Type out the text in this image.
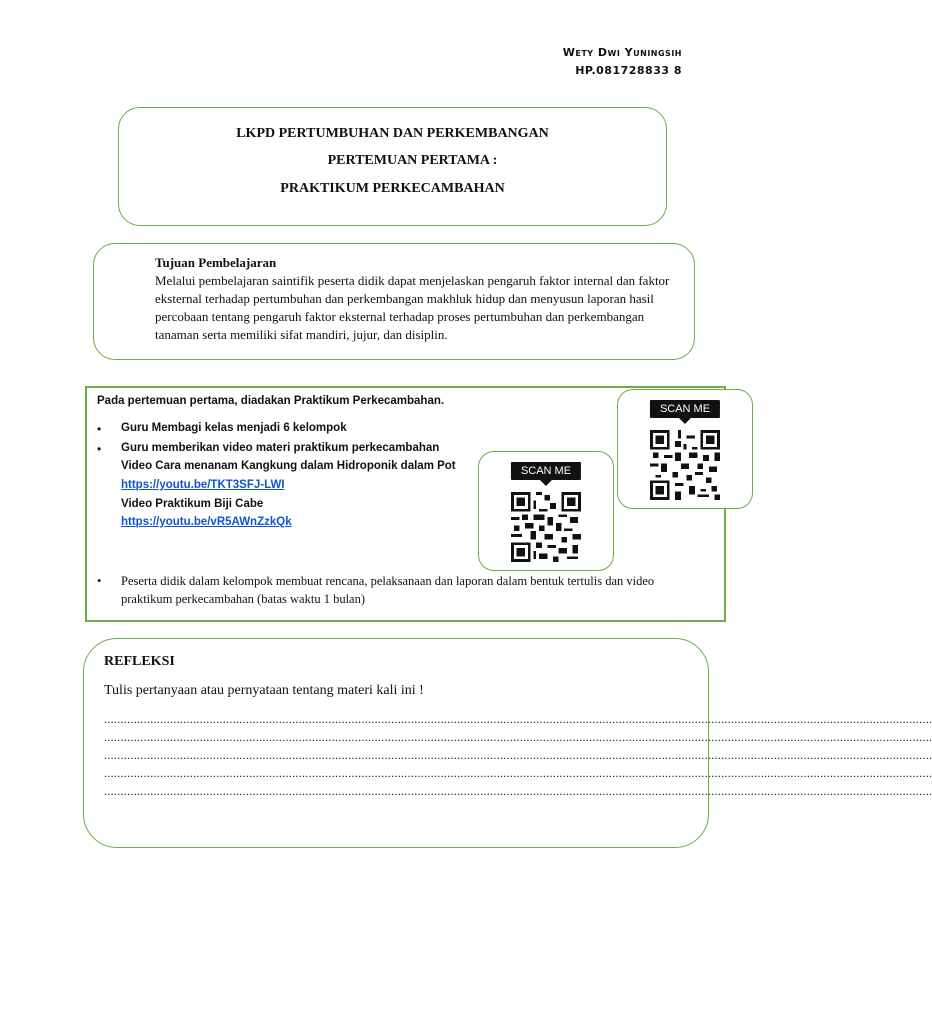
Wety Dwi Yuningsih
HP.081728833 8
LKPD PERTUMBUHAN DAN PERKEMBANGAN
PERTEMUAN PERTAMA :
PRAKTIKUM PERKECAMBAHAN
Tujuan Pembelajaran
Melalui pembelajaran saintifik peserta didik dapat menjelaskan pengaruh faktor internal dan faktor eksternal terhadap pertumbuhan dan perkembangan makhluk hidup dan menyusun laporan hasil percobaan tentang pengaruh faktor eksternal terhadap proses pertumbuhan dan perkembangan tanaman serta memiliki sifat mandiri, jujur, dan disiplin.
Pada pertemuan pertama, diadakan Praktikum Perkecambahan.
• Guru Membagi kelas menjadi 6 kelompok
• Guru memberikan video materi praktikum perkecambahan
Video Cara menanam Kangkung dalam Hidroponik dalam Pot
https://youtu.be/TKT3SFJ-LWI
Video Praktikum Biji Cabe
https://youtu.be/vR5AWnZzkQk
• Peserta didik dalam kelompok membuat rencana, pelaksanaan dan laporan dalam bentuk tertulis dan video praktikum perkecambahan (batas waktu 1 bulan)
SCAN ME
SCAN ME
REFLEKSI
Tulis pertanyaan atau pernyataan tentang materi kali ini !
...........................................................................................................................................................................................................................................................
...........................................................................................................................................................................................................................................................
...........................................................................................................................................................................................................................................................
...........................................................................................................................................................................................................................................................
...........................................................................................................................................................................................................................................................
